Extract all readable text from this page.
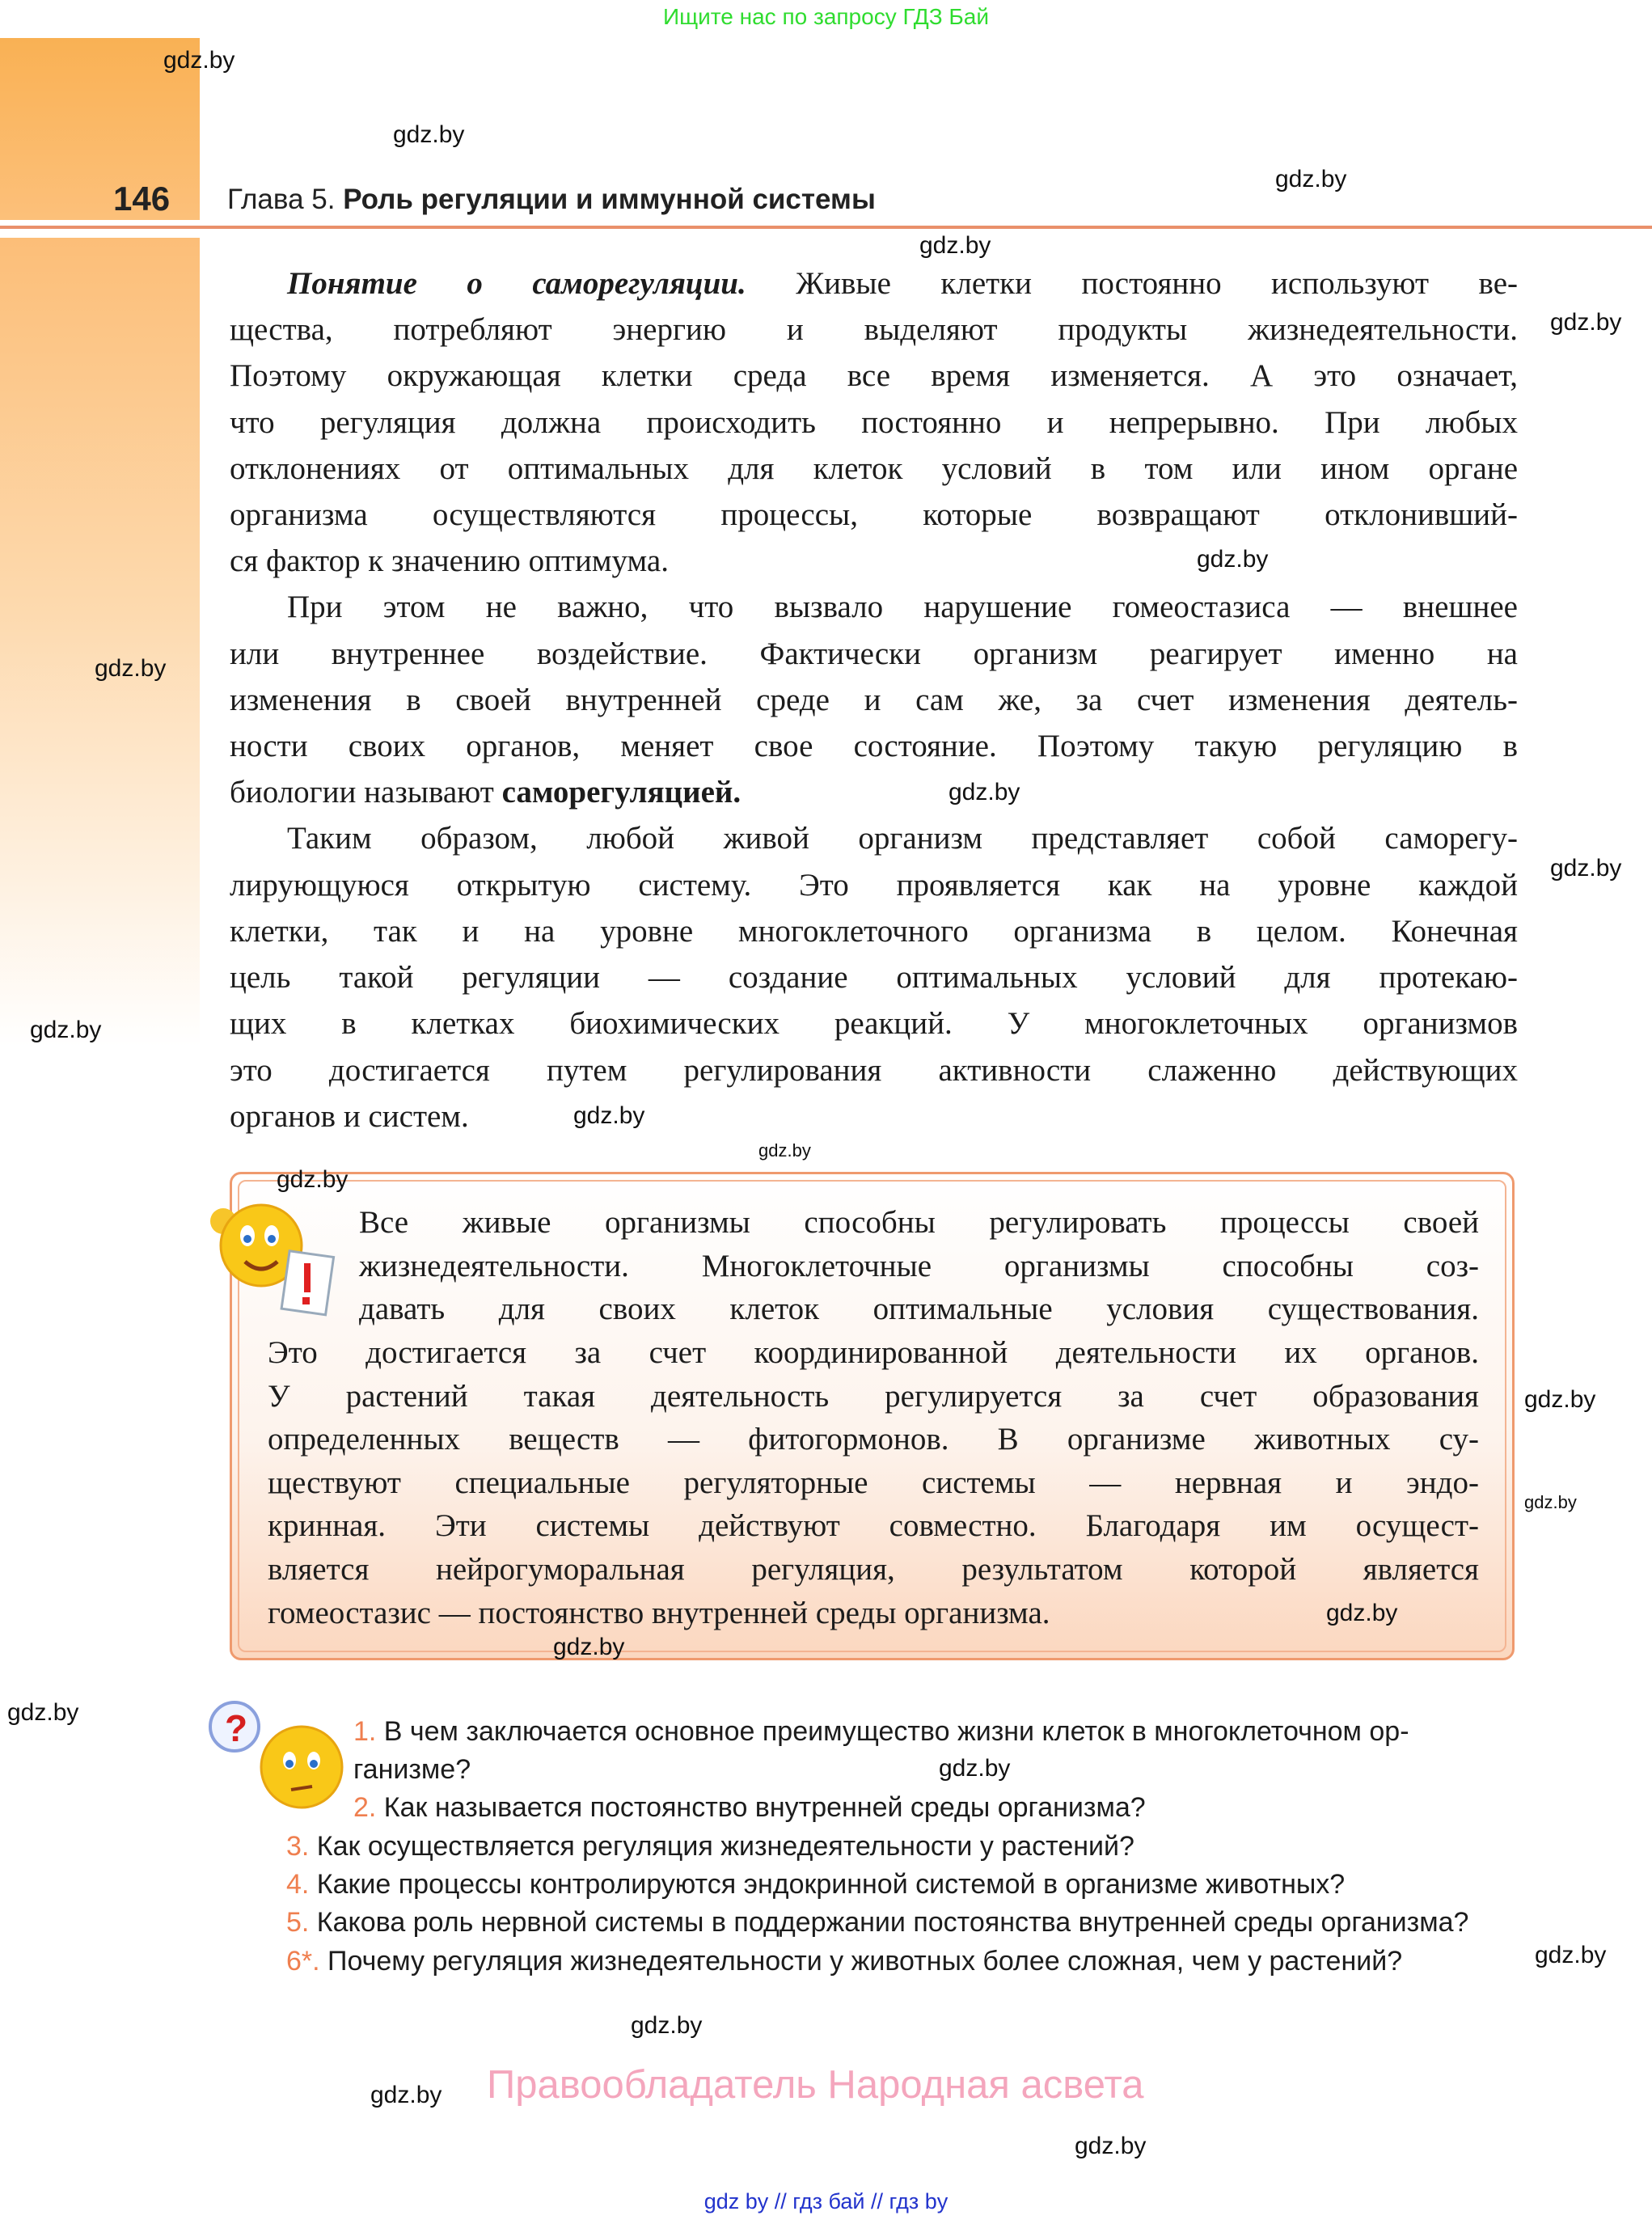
Ищите нас по запросу ГДЗ Бай
146 Глава 5. Роль регуляции и иммунной системы
Понятие о саморегуляции. Живые клетки постоянно используют ве-
щества, потребляют энергию и выделяют продукты жизнедеятельности.
Поэтому окружающая клетки среда все время изменяется. А это означает,
что регуляция должна происходить постоянно и непрерывно. При любых
отклонениях от оптимальных для клеток условий в том или ином органе
организма осуществляются процессы, которые возвращают отклонивший-
ся фактор к значению оптимума.
При этом не важно, что вызвало нарушение гомеостазиса — внешнее
или внутреннее воздействие. Фактически организм реагирует именно на
изменения в своей внутренней среде и сам же, за счет изменения деятель-
ности своих органов, меняет свое состояние. Поэтому такую регуляцию в
биологии называют саморегуляцией.
Таким образом, любой живой организм представляет собой саморегу-
лирующуюся открытую систему. Это проявляется как на уровне каждой
клетки, так и на уровне многоклеточного организма в целом. Конечная
цель такой регуляции — создание оптимальных условий для протекаю-
щих в клетках биохимических реакций. У многоклеточных организмов
это достигается путем регулирования активности слаженно действующих
органов и систем.
Все живые организмы способны регулировать процессы своей
жизнедеятельности. Многоклеточные организмы способны соз-
давать для своих клеток оптимальные условия существования.
Это достигается за счет координированной деятельности их органов.
У растений такая деятельность регулируется за счет образования
определенных веществ — фитогормонов. В организме животных су-
ществуют специальные регуляторные системы — нервная и эндо-
кринная. Эти системы действуют совместно. Благодаря им осущест-
вляется нейрогуморальная регуляция, результатом которой является
гомеостазис — постоянство внутренней среды организма.
?	1. В чем заключается основное преимущество жизни клеток в многоклеточном ор-
ганизме?
2. Как называется постоянство внутренней среды организма?
3. Как осуществляется регуляция жизнедеятельности у растений?
4. Какие процессы контролируются эндокринной системой в организме животных?
5. Какова роль нервной системы в поддержании постоянства внутренней среды организма?
6*. Почему регуляция жизнедеятельности у животных более сложная, чем у растений?
gdz.by
gdz.by
gdz.by
gdz.by
gdz.by
gdz.by
gdz.by
gdz.by
gdz.by
gdz.by
gdz.by
gdz.by
gdz.by
gdz.by
gdz.by
gdz.by
gdz.by
gdz.by
gdz.by
gdz.by
gdz.by
gdz.by
gdz.by
Правообладатель Народная асвета
gdz by // гдз бай // гдз by
